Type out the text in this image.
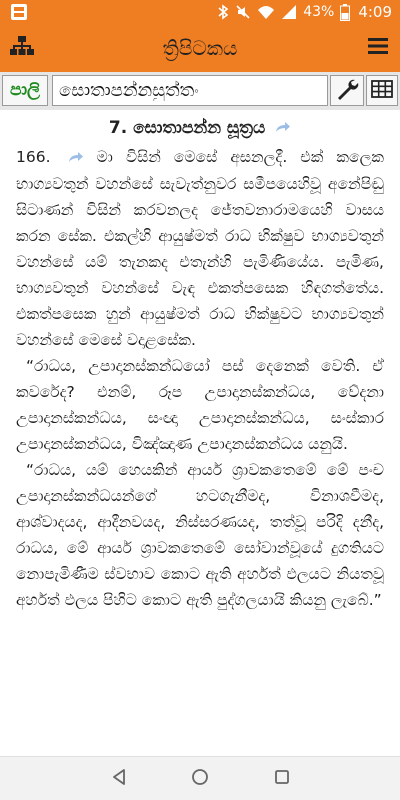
43% 4:09
ත්‍රිපිටකය
පාලි
සොතාපන්නසුත්තං
7. සොතාපන්න සූත්‍රය

166.	මා විසින් මෙසේ අසනලදී. එක් කලෙක භාග්‍යවතුන් වහන්සේ සැවැත්නුවර සමීපයෙහිවූ අනේපිඬු සිටාණන් විසින් කරවනලද ජේතවනාරාමයෙහි වාසය කරන සේක. එකල්හි ආයුෂ්මත් රාධ භික්ෂුව භාග්‍යවතුන් වහන්සේ යම් තැනකද එතැන්හි පැමිණියේය. පැමිණ, භාග්‍යවතුන් වහන්සේ වැඳ එකත්පසෙක හිඳගත්තේය. එකත්පසෙක හුන් ආයුෂ්මත් රාධ භික්ෂුවට භාග්‍යවතුන් වහන්සේ මෙසේ වදාළසේක.

“රාධය, උපාදානස්කන්ධයෝ පස් දෙනෙක් වෙති. ඒ කවරේද? එනම්, රූප උපාදානස්කන්ධය, වේදනා උපාදානස්කන්ධය, සංඥා උපාදානස්කන්ධය, සංස්කාර උපාදානස්කන්ධය, විඤ්ඤාණ උපාදානස්කන්ධය යනුයි.

“රාධය, යම් හෙයකින් ආර්ය ශ්‍රාවකතෙමේ මේ පංච උපාදානස්කන්ධයන්ගේ හටගැනීමද, විනාශවීමද, ආශ්වාදයද, ආදීනවයද, නිස්සරණයද, තත්වූ පරිදි දනීද, රාධය, මේ ආර්ය ශ්‍රාවකතෙමේ සෝවාන්වූයේ දුගතියට නොපැමිණීම ස්වභාව කොට ඇති අර්හත් ඵලයට නියතවූ අර්හත් ඵලය පිහිට කොට ඇති පුද්ගලයායි කියනු ලැබේ.”
